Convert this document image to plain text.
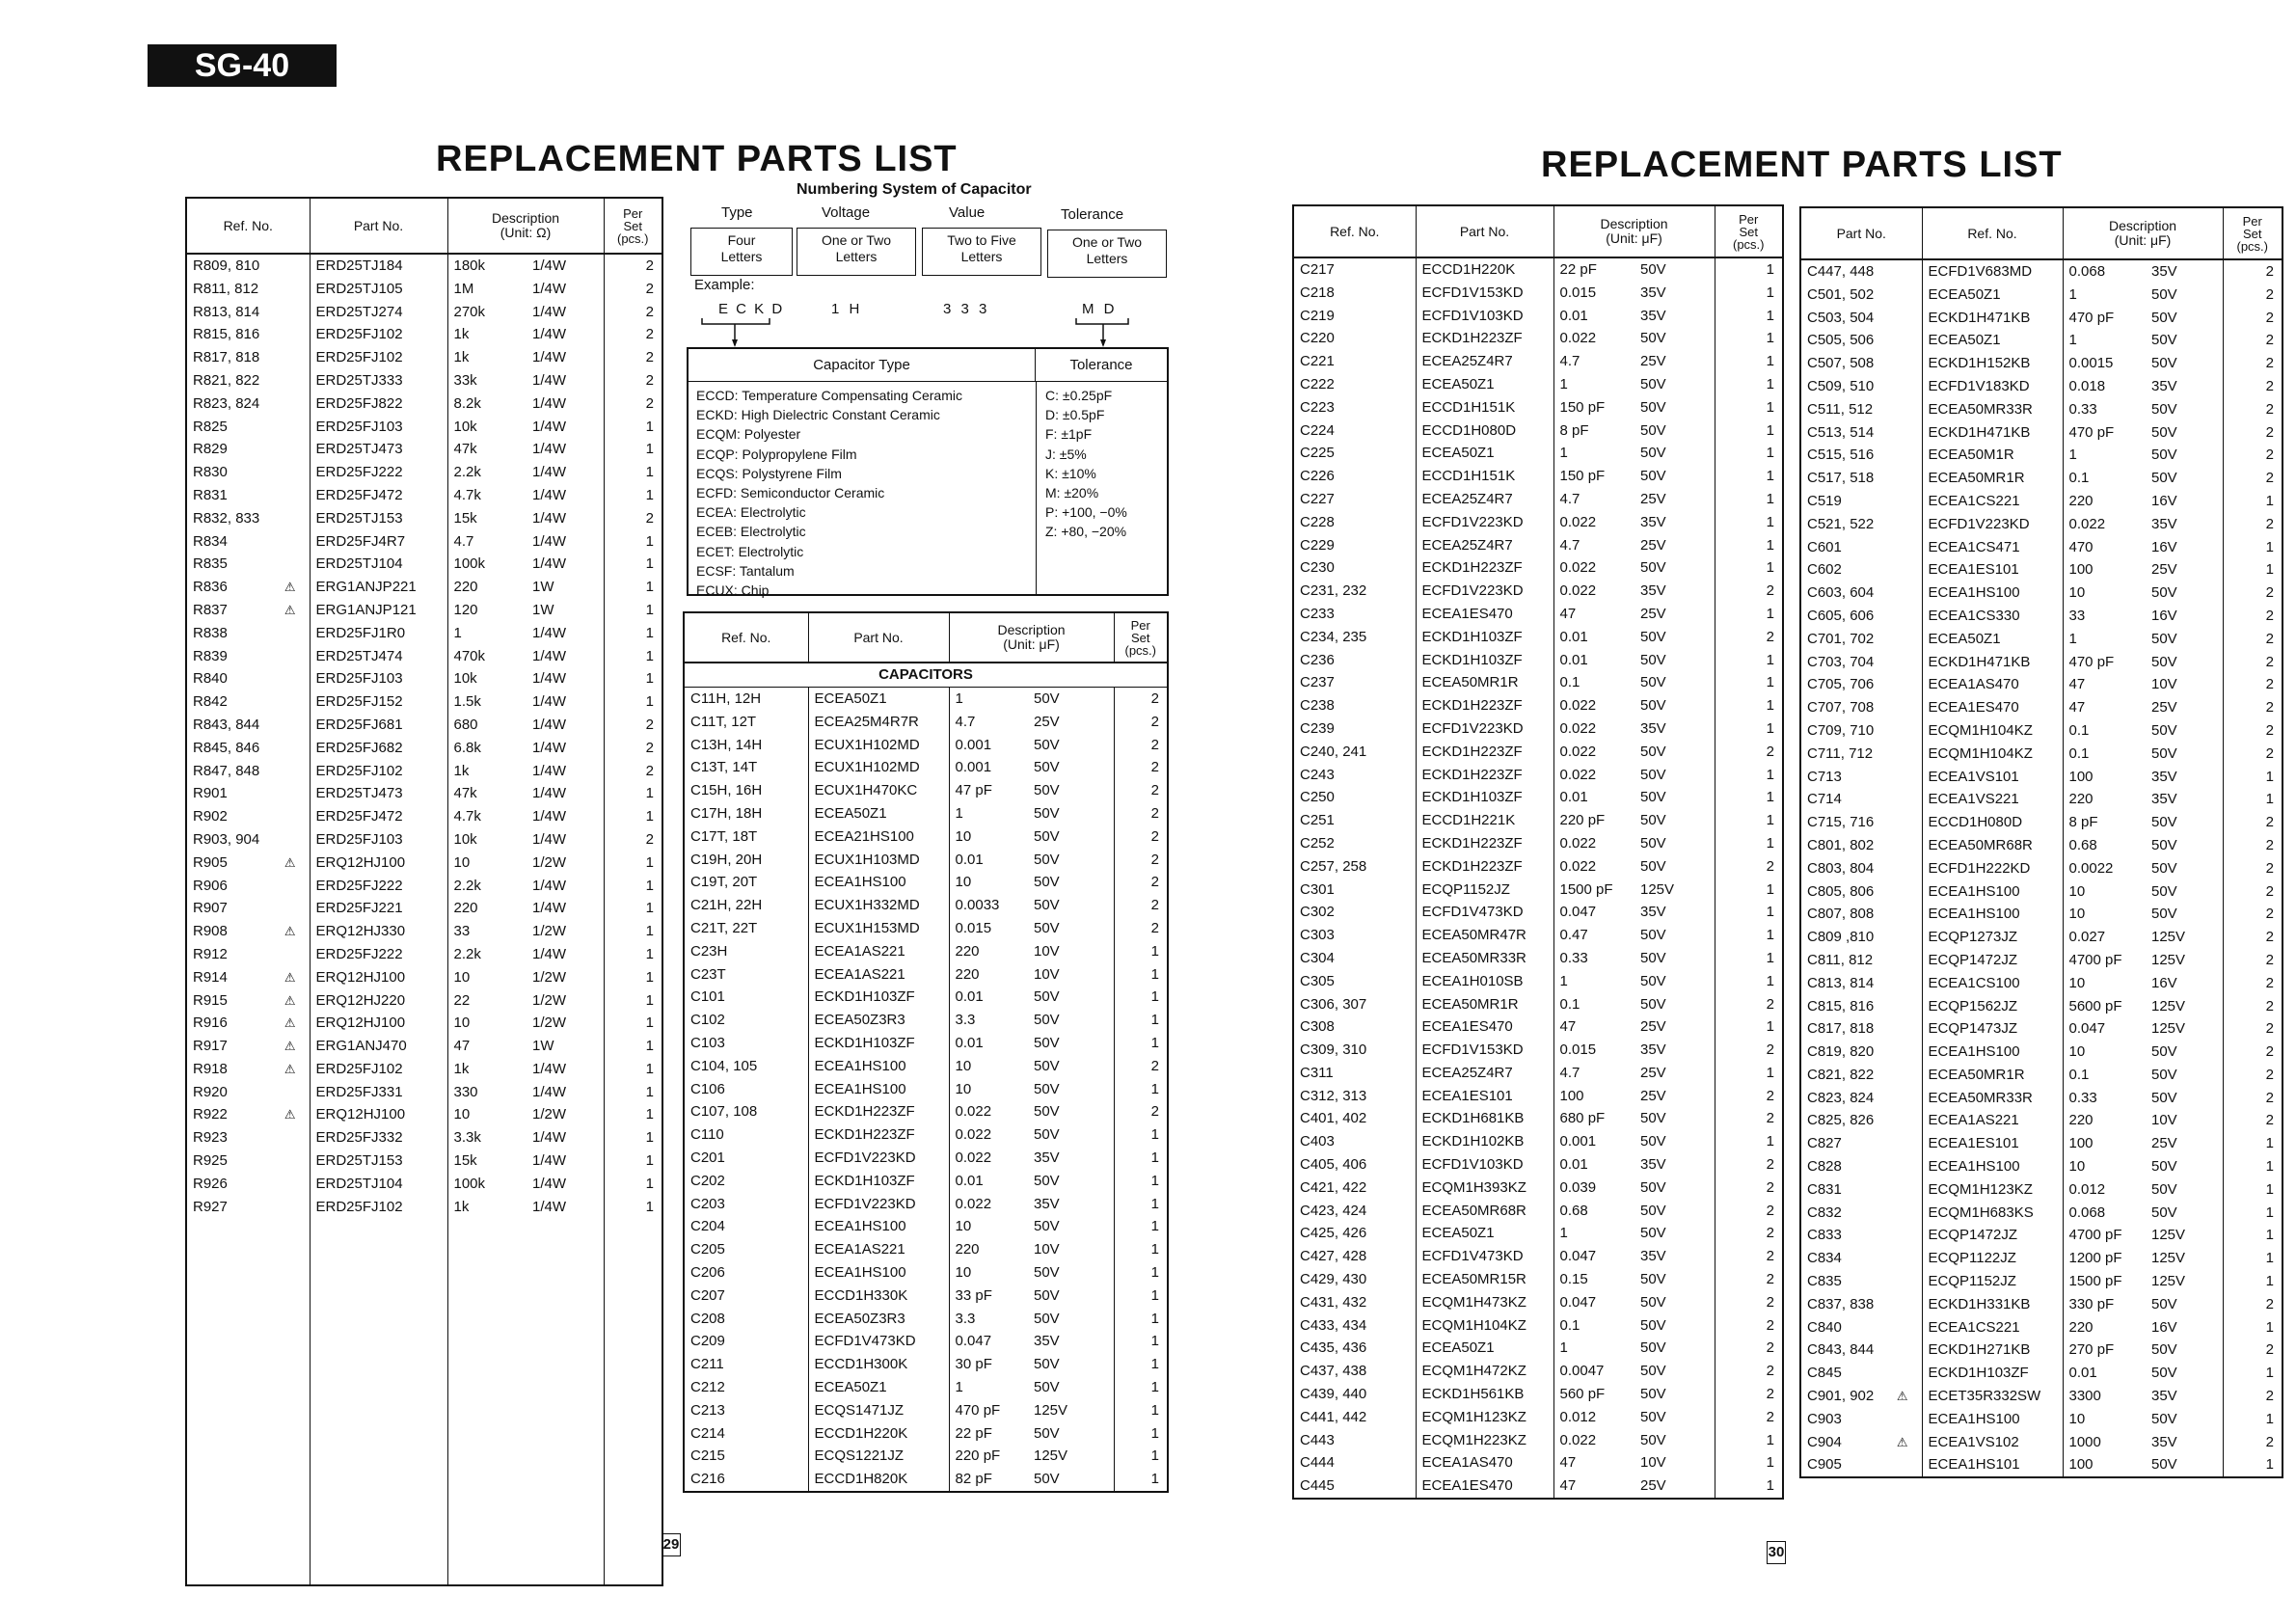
SG-40
REPLACEMENT PARTS LIST	REPLACEMENT PARTS LIST
Ref. No.	Part No.	Description
(Unit: Ω)		Per
Set
(pcs.)
R809, 810	ERD25TJ184	180k	1/4W	2
R811, 812	ERD25TJ105	1M	1/4W	2
R813, 814	ERD25TJ274	270k	1/4W	2
R815, 816	ERD25FJ102	1k	1/4W	2
R817, 818	ERD25FJ102	1k	1/4W	2
R821, 822	ERD25TJ333	33k	1/4W	2
R823, 824	ERD25FJ822	8.2k	1/4W	2
R825	ERD25FJ103	10k	1/4W	1
R829	ERD25TJ473	47k	1/4W	1
R830	ERD25FJ222	2.2k	1/4W	1
R831	ERD25FJ472	4.7k	1/4W	1
R832, 833	ERD25TJ153	15k	1/4W	2
R834	ERD25FJ4R7	4.7	1/4W	1
R835	ERD25TJ104	100k	1/4W	1
R836 ⚠	ERG1ANJP221	220	1W	1
R837 ⚠	ERG1ANJP121	120	1W	1
R838	ERD25FJ1R0	1	1/4W	1
R839	ERD25TJ474	470k	1/4W	1
R840	ERD25FJ103	10k	1/4W	1
R842	ERD25FJ152	1.5k	1/4W	1
R843, 844	ERD25FJ681	680	1/4W	2
R845, 846	ERD25FJ682	6.8k	1/4W	2
R847, 848	ERD25FJ102	1k	1/4W	2
R901	ERD25TJ473	47k	1/4W	1
R902	ERD25FJ472	4.7k	1/4W	1
R903, 904	ERD25FJ103	10k	1/4W	2
R905 ⚠	ERQ12HJ100	10	1/2W	1
R906	ERD25FJ222	2.2k	1/4W	1
R907	ERD25FJ221	220	1/4W	1
R908 ⚠	ERQ12HJ330	33	1/2W	1
R912	ERD25FJ222	2.2k	1/4W	1
R914 ⚠	ERQ12HJ100	10	1/2W	1
R915 ⚠	ERQ12HJ220	22	1/2W	1
R916 ⚠	ERQ12HJ100	10	1/2W	1
R917 ⚠	ERG1ANJ470	47	1W	1
R918 ⚠	ERD25FJ102	1k	1/4W	1
R920	ERD25FJ331	330	1/4W	1
R922 ⚠	ERQ12HJ100	10	1/2W	1
R923	ERD25FJ332	3.3k	1/4W	1
R925	ERD25TJ153	15k	1/4W	1
R926	ERD25TJ104	100k	1/4W	1
R927	ERD25FJ102	1k	1/4W	1

Numbering System of Capacitor
Type	Voltage	Value	Tolerance
Four
Letters
One or Two
Letters
Two to Five
Letters
One or Two
Letters
Example:
E C K D	1 H	3 3 3	M D
Capacitor Type	Tolerance
ECCD: Temperature Compensating Ceramic
ECKD: High Dielectric Constant Ceramic
ECQM: Polyester
ECQP: Polypropylene Film
ECQS: Polystyrene Film
ECFD: Semiconductor Ceramic
ECEA: Electrolytic
ECEB: Electrolytic
ECET: Electrolytic
ECSF: Tantalum
ECUX: Chip
C: ±0.25pF
D: ±0.5pF
F: ±1pF
J: ±5%
K: ±10%
M: ±20%
P: +100, −0%
Z: +80, −20%
Ref. No.	Part No.	Description
(Unit: μF)		Per
Set
(pcs.)
CAPACITORS				
C11H, 12H	ECEA50Z1	1	50V	2
C11T, 12T	ECEA25M4R7R	4.7	25V	2
C13H, 14H	ECUX1H102MD	0.001	50V	2
C13T, 14T	ECUX1H102MD	0.001	50V	2
C15H, 16H	ECUX1H470KC	47 pF	50V	2
C17H, 18H	ECEA50Z1	1	50V	2
C17T, 18T	ECEA21HS100	10	50V	2
C19H, 20H	ECUX1H103MD	0.01	50V	2
C19T, 20T	ECEA1HS100	10	50V	2
C21H, 22H	ECUX1H332MD	0.0033	50V	2
C21T, 22T	ECUX1H153MD	0.015	50V	2
C23H	ECEA1AS221	220	10V	1
C23T	ECEA1AS221	220	10V	1
C101	ECKD1H103ZF	0.01	50V	1
C102	ECEA50Z3R3	3.3	50V	1
C103	ECKD1H103ZF	0.01	50V	1
C104, 105	ECEA1HS100	10	50V	2
C106	ECEA1HS100	10	50V	1
C107, 108	ECKD1H223ZF	0.022	50V	2
C110	ECKD1H223ZF	0.022	50V	1
C201	ECFD1V223KD	0.022	35V	1
C202	ECKD1H103ZF	0.01	50V	1
C203	ECFD1V223KD	0.022	35V	1
C204	ECEA1HS100	10	50V	1
C205	ECEA1AS221	220	10V	1
C206	ECEA1HS100	10	50V	1
C207	ECCD1H330K	33 pF	50V	1
C208	ECEA50Z3R3	3.3	50V	1
C209	ECFD1V473KD	0.047	35V	1
C211	ECCD1H300K	30 pF	50V	1
C212	ECEA50Z1	1	50V	1
C213	ECQS1471JZ	470 pF	125V	1
C214	ECCD1H220K	22 pF	50V	1
C215	ECQS1221JZ	220 pF	125V	1
C216	ECCD1H820K	82 pF	50V	1
Ref. No.	Part No.	Description
(Unit: μF)		Per
Set
(pcs.)
C217	ECCD1H220K	22 pF	50V	1
C218	ECFD1V153KD	0.015	35V	1
C219	ECFD1V103KD	0.01	35V	1
C220	ECKD1H223ZF	0.022	50V	1
C221	ECEA25Z4R7	4.7	25V	1
C222	ECEA50Z1	1	50V	1
C223	ECCD1H151K	150 pF	50V	1
C224	ECCD1H080D	8 pF	50V	1
C225	ECEA50Z1	1	50V	1
C226	ECCD1H151K	150 pF	50V	1
C227	ECEA25Z4R7	4.7	25V	1
C228	ECFD1V223KD	0.022	35V	1
C229	ECEA25Z4R7	4.7	25V	1
C230	ECKD1H223ZF	0.022	50V	1
C231, 232	ECFD1V223KD	0.022	35V	2
C233	ECEA1ES470	47	25V	1
C234, 235	ECKD1H103ZF	0.01	50V	2
C236	ECKD1H103ZF	0.01	50V	1
C237	ECEA50MR1R	0.1	50V	1
C238	ECKD1H223ZF	0.022	50V	1
C239	ECFD1V223KD	0.022	35V	1
C240, 241	ECKD1H223ZF	0.022	50V	2
C243	ECKD1H223ZF	0.022	50V	1
C250	ECKD1H103ZF	0.01	50V	1
C251	ECCD1H221K	220 pF	50V	1
C252	ECKD1H223ZF	0.022	50V	1
C257, 258	ECKD1H223ZF	0.022	50V	2
C301	ECQP1152JZ	1500 pF	125V	1
C302	ECFD1V473KD	0.047	35V	1
C303	ECEA50MR47R	0.47	50V	1
C304	ECEA50MR33R	0.33	50V	1
C305	ECEA1H010SB	1	50V	1
C306, 307	ECEA50MR1R	0.1	50V	2
C308	ECEA1ES470	47	25V	1
C309, 310	ECFD1V153KD	0.015	35V	2
C311	ECEA25Z4R7	4.7	25V	1
C312, 313	ECEA1ES101	100	25V	2
C401, 402	ECKD1H681KB	680 pF	50V	2
C403	ECKD1H102KB	0.001	50V	1
C405, 406	ECFD1V103KD	0.01	35V	2
C421, 422	ECQM1H393KZ	0.039	50V	2
C423, 424	ECEA50MR68R	0.68	50V	2
C425, 426	ECEA50Z1	1	50V	2
C427, 428	ECFD1V473KD	0.047	35V	2
C429, 430	ECEA50MR15R	0.15	50V	2
C431, 432	ECQM1H473KZ	0.047	50V	2
C433, 434	ECQM1H104KZ	0.1	50V	2
C435, 436	ECEA50Z1	1	50V	2
C437, 438	ECQM1H472KZ	0.0047	50V	2
C439, 440	ECKD1H561KB	560 pF	50V	2
C441, 442	ECQM1H123KZ	0.012	50V	2
C443	ECQM1H223KZ	0.022	50V	1
C444	ECEA1AS470	47	10V	1
C445	ECEA1ES470	47	25V	1
Part No.	Ref. No.	Description
(Unit: μF)		Per
Set
(pcs.)
C447, 448	ECFD1V683MD	0.068	35V	2
C501, 502	ECEA50Z1	1	50V	2
C503, 504	ECKD1H471KB	470 pF	50V	2
C505, 506	ECEA50Z1	1	50V	2
C507, 508	ECKD1H152KB	0.0015	50V	2
C509, 510	ECFD1V183KD	0.018	35V	2
C511, 512	ECEA50MR33R	0.33	50V	2
C513, 514	ECKD1H471KB	470 pF	50V	2
C515, 516	ECEA50M1R	1	50V	2
C517, 518	ECEA50MR1R	0.1	50V	2
C519	ECEA1CS221	220	16V	1
C521, 522	ECFD1V223KD	0.022	35V	2
C601	ECEA1CS471	470	16V	1
C602	ECEA1ES101	100	25V	1
C603, 604	ECEA1HS100	10	50V	2
C605, 606	ECEA1CS330	33	16V	2
C701, 702	ECEA50Z1	1	50V	2
C703, 704	ECKD1H471KB	470 pF	50V	2
C705, 706	ECEA1AS470	47	10V	2
C707, 708	ECEA1ES470	47	25V	2
C709, 710	ECQM1H104KZ	0.1	50V	2
C711, 712	ECQM1H104KZ	0.1	50V	2
C713	ECEA1VS101	100	35V	1
C714	ECEA1VS221	220	35V	1
C715, 716	ECCD1H080D	8 pF	50V	2
C801, 802	ECEA50MR68R	0.68	50V	2
C803, 804	ECFD1H222KD	0.0022	50V	2
C805, 806	ECEA1HS100	10	50V	2
C807, 808	ECEA1HS100	10	50V	2
C809 ,810	ECQP1273JZ	0.027	125V	2
C811, 812	ECQP1472JZ	4700 pF	125V	2
C813, 814	ECEA1CS100	10	16V	2
C815, 816	ECQP1562JZ	5600 pF	125V	2
C817, 818	ECQP1473JZ	0.047	125V	2
C819, 820	ECEA1HS100	10	50V	2
C821, 822	ECEA50MR1R	0.1	50V	2
C823, 824	ECEA50MR33R	0.33	50V	2
C825, 826	ECEA1AS221	220	10V	2
C827	ECEA1ES101	100	25V	1
C828	ECEA1HS100	10	50V	1
C831	ECQM1H123KZ	0.012	50V	1
C832	ECQM1H683KS	0.068	50V	1
C833	ECQP1472JZ	4700 pF	125V	1
C834	ECQP1122JZ	1200 pF	125V	1
C835	ECQP1152JZ	1500 pF	125V	1
C837, 838	ECKD1H331KB	330 pF	50V	2
C840	ECEA1CS221	220	16V	1
C843, 844	ECKD1H271KB	270 pF	50V	2
C845	ECKD1H103ZF	0.01	50V	1
C901, 902 ⚠	ECET35R332SW	3300	35V	2
C903	ECEA1HS100	10	50V	1
C904 ⚠	ECEA1VS102	1000	35V	2
C905	ECEA1HS101	100	50V	1
29	30
